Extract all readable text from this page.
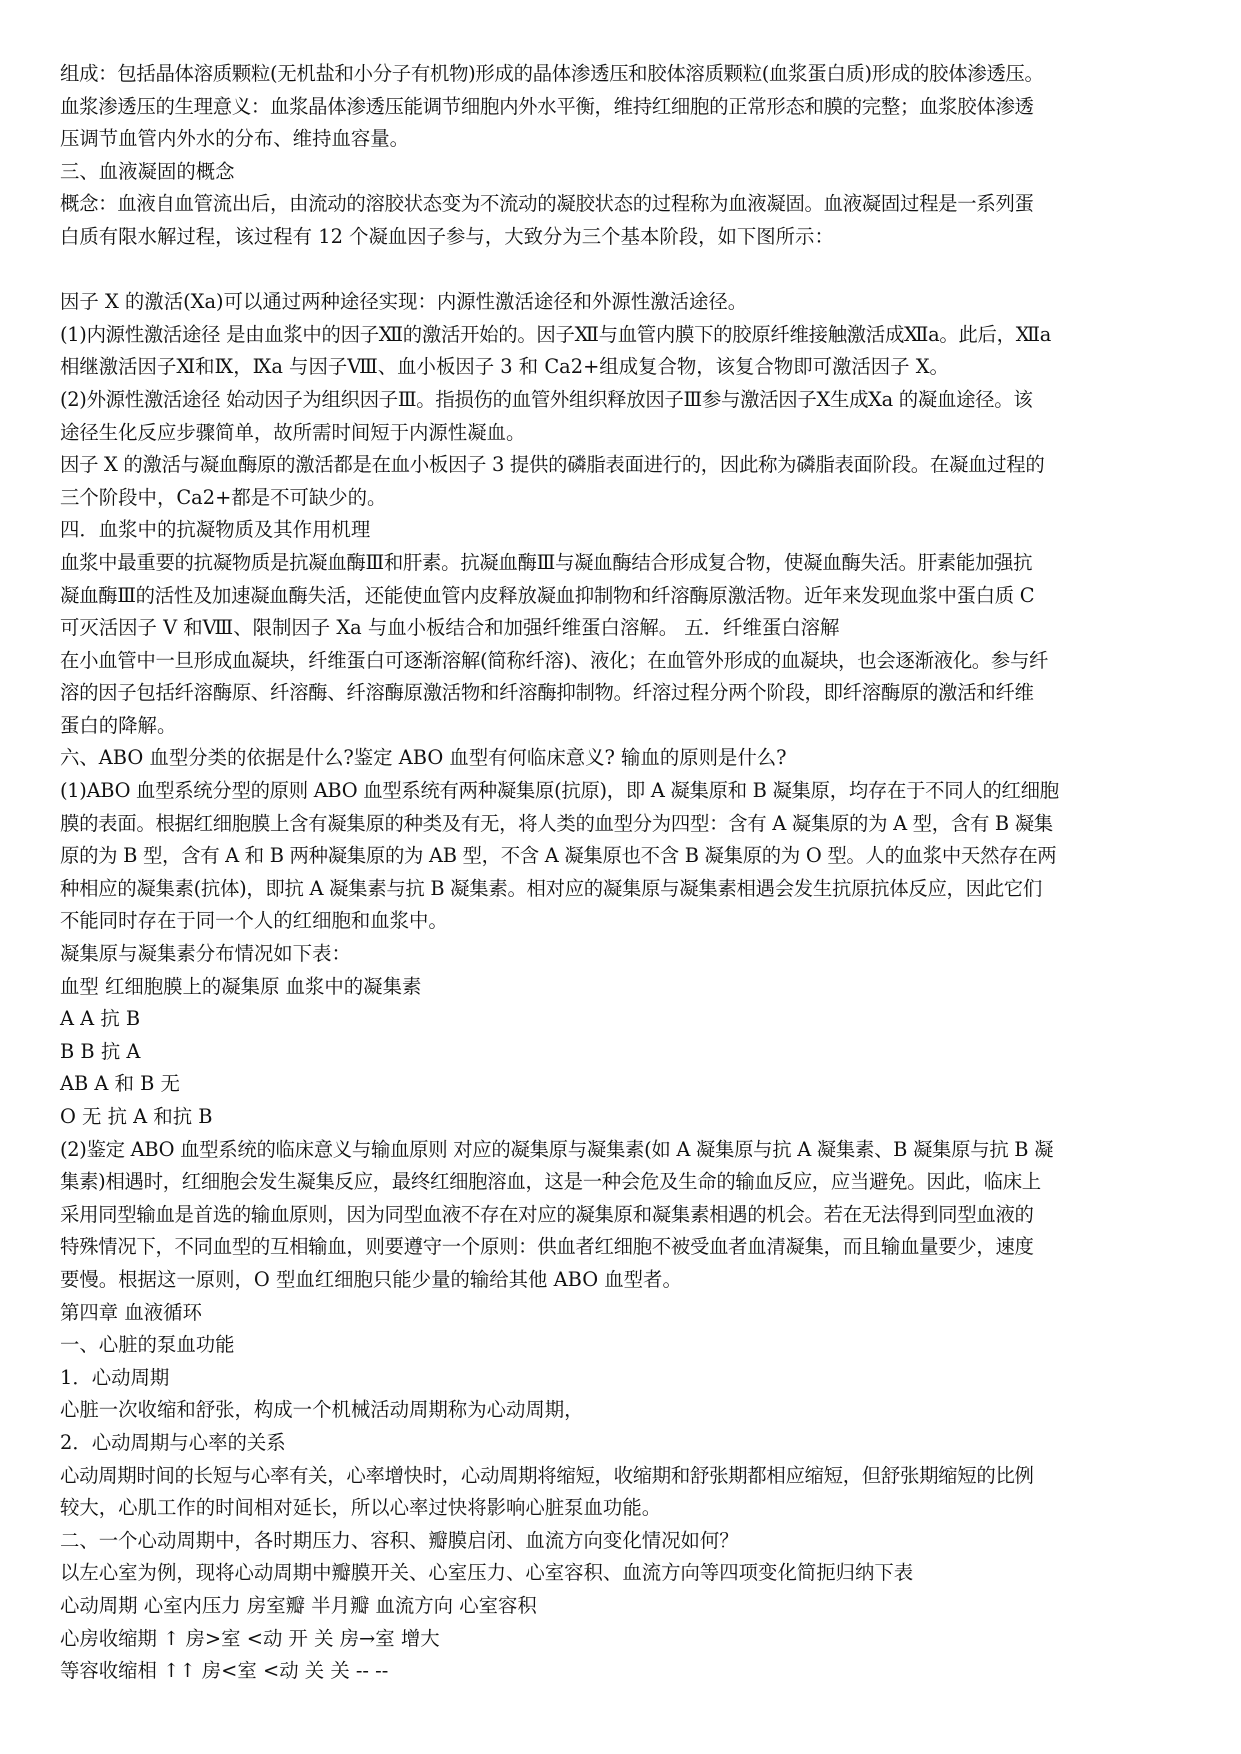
组成：包括晶体溶质颗粒(无机盐和小分子有机物)形成的晶体渗透压和胶体溶质颗粒(血浆蛋白质)形成的胶体渗透压。

血浆渗透压的生理意义：血浆晶体渗透压能调节细胞内外水平衡，维持红细胞的正常形态和膜的完整；血浆胶体渗透

压调节血管内外水的分布、维持血容量。

三、血液凝固的概念

概念：血液自血管流出后，由流动的溶胶状态变为不流动的凝胶状态的过程称为血液凝固。血液凝固过程是一系列蛋

白质有限水解过程，该过程有 12 个凝血因子参与，大致分为三个基本阶段，如下图所示：

因子 X 的激活(Xa)可以通过两种途径实现：内源性激活途径和外源性激活途径。

(1)内源性激活途径 是由血浆中的因子Ⅻ的激活开始的。因子Ⅻ与血管内膜下的胶原纤维接触激活成Ⅻa。此后，Ⅻa

相继激活因子Ⅺ和Ⅸ，Ⅸa 与因子Ⅷ、血小板因子 3 和 Ca2+组成复合物，该复合物即可激活因子 X。

(2)外源性激活途径 始动因子为组织因子Ⅲ。指损伤的血管外组织释放因子Ⅲ参与激活因子Ⅹ生成Ⅹa 的凝血途径。该

途径生化反应步骤简单，故所需时间短于内源性凝血。

因子 X 的激活与凝血酶原的激活都是在血小板因子 3 提供的磷脂表面进行的，因此称为磷脂表面阶段。在凝血过程的

三个阶段中，Ca2+都是不可缺少的。

四．血浆中的抗凝物质及其作用机理

血浆中最重要的抗凝物质是抗凝血酶Ⅲ和肝素。抗凝血酶Ⅲ与凝血酶结合形成复合物，使凝血酶失活。肝素能加强抗

凝血酶Ⅲ的活性及加速凝血酶失活，还能使血管内皮释放凝血抑制物和纤溶酶原激活物。近年来发现血浆中蛋白质 C

可灭活因子 V 和Ⅷ、限制因子 Xa 与血小板结合和加强纤维蛋白溶解。 五．纤维蛋白溶解

在小血管中一旦形成血凝块，纤维蛋白可逐渐溶解(简称纤溶)、液化；在血管外形成的血凝块，也会逐渐液化。参与纤

溶的因子包括纤溶酶原、纤溶酶、纤溶酶原激活物和纤溶酶抑制物。纤溶过程分两个阶段，即纤溶酶原的激活和纤维

蛋白的降解。

六、ABO 血型分类的依据是什么?鉴定 ABO 血型有何临床意义? 输血的原则是什么?

(1)ABO 血型系统分型的原则 ABO 血型系统有两种凝集原(抗原)，即 A 凝集原和 B 凝集原，均存在于不同人的红细胞

膜的表面。根据红细胞膜上含有凝集原的种类及有无，将人类的血型分为四型：含有 A 凝集原的为 A 型，含有 B 凝集

原的为 B 型，含有 A 和 B 两种凝集原的为 AB 型，不含 A 凝集原也不含 B 凝集原的为 O 型。人的血浆中天然存在两

种相应的凝集素(抗体)，即抗 A 凝集素与抗 B 凝集素。相对应的凝集原与凝集素相遇会发生抗原抗体反应，因此它们

不能同时存在于同一个人的红细胞和血浆中。

凝集原与凝集素分布情况如下表：

血型 红细胞膜上的凝集原 血浆中的凝集素

A A 抗 B

B B 抗 A

AB A 和 B 无

O 无 抗 A 和抗 B

(2)鉴定 ABO 血型系统的临床意义与输血原则 对应的凝集原与凝集素(如 A 凝集原与抗 A 凝集素、B 凝集原与抗 B 凝

集素)相遇时，红细胞会发生凝集反应，最终红细胞溶血，这是一种会危及生命的输血反应，应当避免。因此，临床上

采用同型输血是首选的输血原则，因为同型血液不存在对应的凝集原和凝集素相遇的机会。若在无法得到同型血液的

特殊情况下，不同血型的互相输血，则要遵守一个原则：供血者红细胞不被受血者血清凝集，而且输血量要少，速度

要慢。根据这一原则，O 型血红细胞只能少量的输给其他 ABO 血型者。

第四章 血液循环

一、心脏的泵血功能

1．心动周期

心脏一次收缩和舒张，构成一个机械活动周期称为心动周期，

2．心动周期与心率的关系

心动周期时间的长短与心率有关，心率增快时，心动周期将缩短，收缩期和舒张期都相应缩短，但舒张期缩短的比例

较大，心肌工作的时间相对延长，所以心率过快将影响心脏泵血功能。

二、一个心动周期中，各时期压力、容积、瓣膜启闭、血流方向变化情况如何？

以左心室为例，现将心动周期中瓣膜开关、心室压力、心室容积、血流方向等四项变化简扼归纳下表

心动周期 心室内压力 房室瓣 半月瓣 血流方向 心室容积

心房收缩期 ↑ 房>室 <动 开 关 房→室 增大

等容收缩相 ↑↑ 房<室 <动 关 关 -- --
